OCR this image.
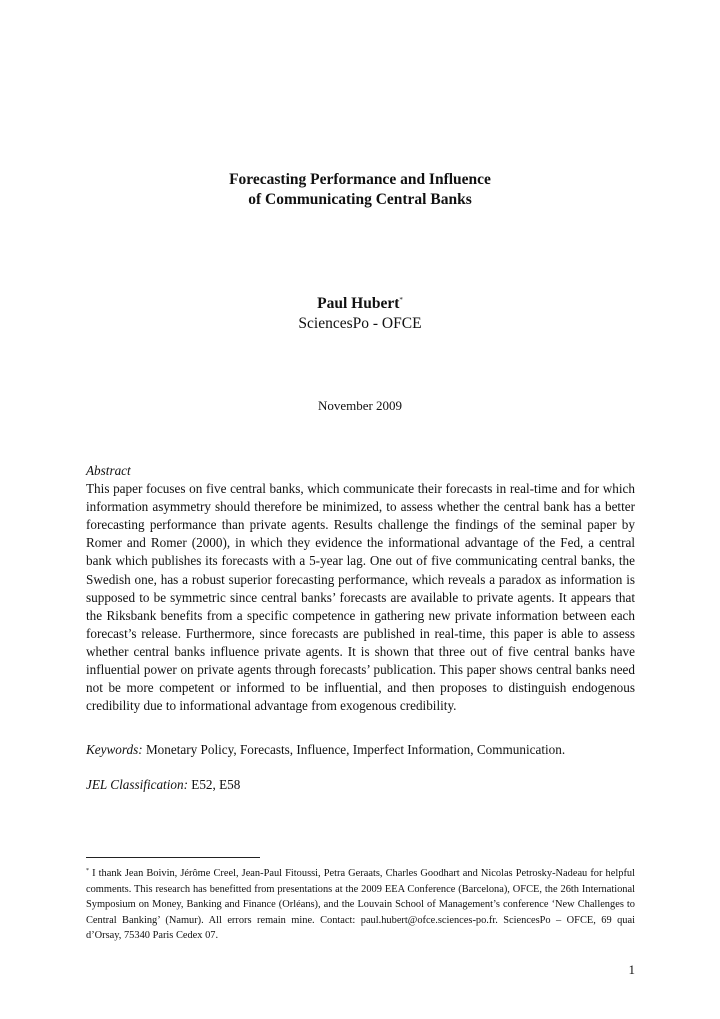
Forecasting Performance and Influence
of Communicating Central Banks
Paul Hubert*
SciencesPo - OFCE
November 2009
Abstract
This paper focuses on five central banks, which communicate their forecasts in real-time and for which information asymmetry should therefore be minimized, to assess whether the central bank has a better forecasting performance than private agents. Results challenge the findings of the seminal paper by Romer and Romer (2000), in which they evidence the informational advantage of the Fed, a central bank which publishes its forecasts with a 5-year lag. One out of five communicating central banks, the Swedish one, has a robust superior forecasting performance, which reveals a paradox as information is supposed to be symmetric since central banks’ forecasts are available to private agents. It appears that the Riksbank benefits from a specific competence in gathering new private information between each forecast’s release. Furthermore, since forecasts are published in real-time, this paper is able to assess whether central banks influence private agents. It is shown that three out of five central banks have influential power on private agents through forecasts’ publication. This paper shows central banks need not be more competent or informed to be influential, and then proposes to distinguish endogenous credibility due to informational advantage from exogenous credibility.
Keywords: Monetary Policy, Forecasts, Influence, Imperfect Information, Communication.
JEL Classification: E52, E58
* I thank Jean Boivin, Jérôme Creel, Jean-Paul Fitoussi, Petra Geraats, Charles Goodhart and Nicolas Petrosky-Nadeau for helpful comments. This research has benefitted from presentations at the 2009 EEA Conference (Barcelona), OFCE, the 26th International Symposium on Money, Banking and Finance (Orléans), and the Louvain School of Management’s conference ‘New Challenges to Central Banking’ (Namur). All errors remain mine. Contact: paul.hubert@ofce.sciences-po.fr. SciencesPo – OFCE, 69 quai d’Orsay, 75340 Paris Cedex 07.
1
